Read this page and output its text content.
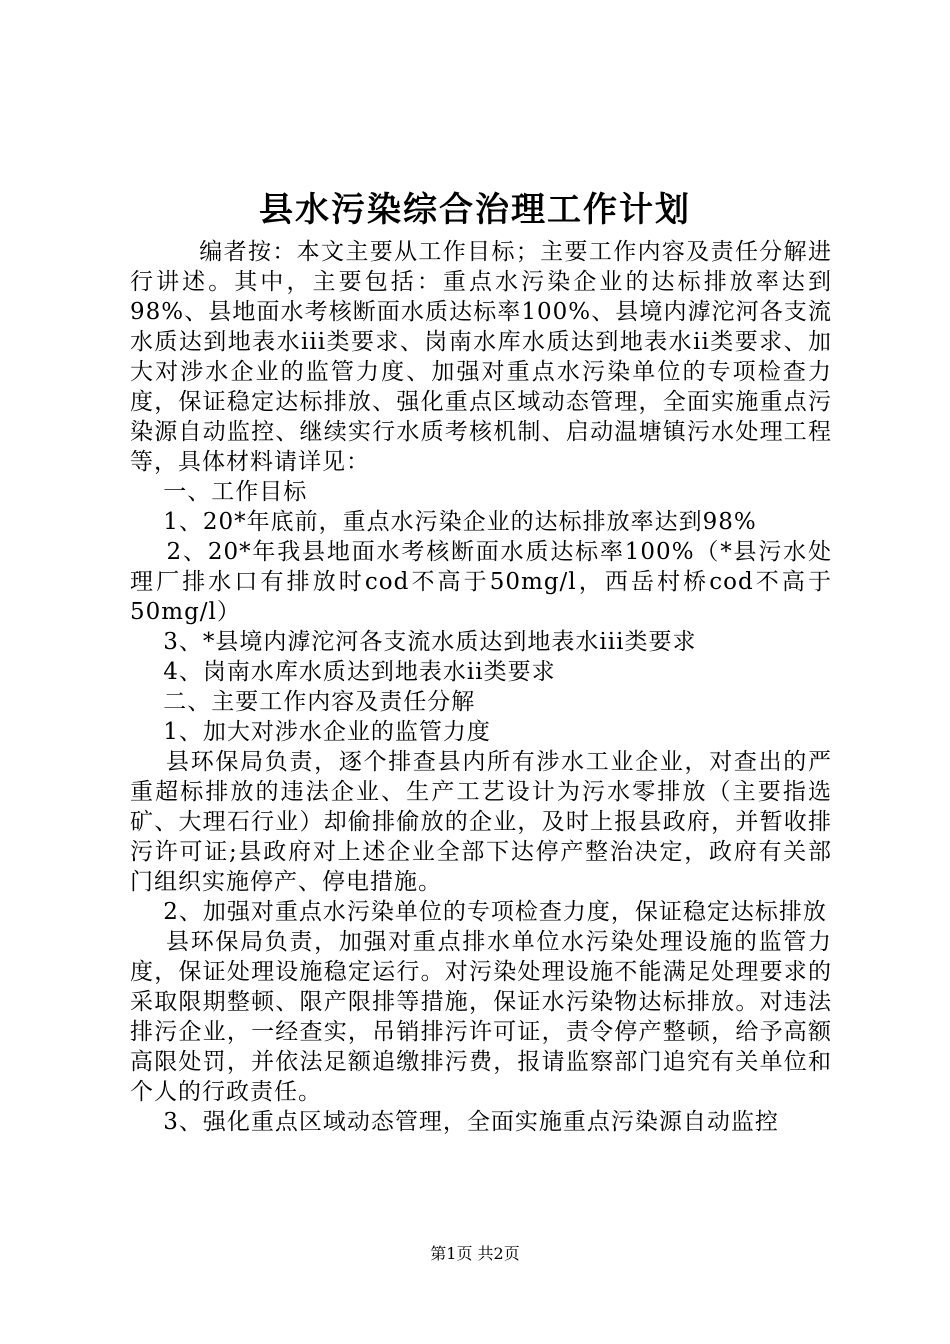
县水污染综合治理工作计划

编者按：本文主要从工作目标；主要工作内容及责任分解进行讲述。其中，主要包括：重点水污染企业的达标排放率达到98%、县地面水考核断面水质达标率100%、县境内滹沱河各支流水质达到地表水iii类要求、岗南水库水质达到地表水ii类要求、加大对涉水企业的监管力度、加强对重点水污染单位的专项检查力度，保证稳定达标排放、强化重点区域动态管理，全面实施重点污染源自动监控、继续实行水质考核机制、启动温塘镇污水处理工程等，具体材料请详见：

一、工作目标

1、20*年底前，重点水污染企业的达标排放率达到98%

2、20*年我县地面水考核断面水质达标率100%（*县污水处理厂排水口有排放时cod不高于50mg/l，西岳村桥cod不高于50mg/l）

3、*县境内滹沱河各支流水质达到地表水iii类要求

4、岗南水库水质达到地表水ii类要求

二、主要工作内容及责任分解

1、加大对涉水企业的监管力度

县环保局负责，逐个排查县内所有涉水工业企业，对查出的严重超标排放的违法企业、生产工艺设计为污水零排放（主要指选矿、大理石行业）却偷排偷放的企业，及时上报县政府，并暂收排污许可证;县政府对上述企业全部下达停产整治决定，政府有关部门组织实施停产、停电措施。

2、加强对重点水污染单位的专项检查力度，保证稳定达标排放

县环保局负责，加强对重点排水单位水污染处理设施的监管力度，保证处理设施稳定运行。对污染处理设施不能满足处理要求的采取限期整顿、限产限排等措施，保证水污染物达标排放。对违法排污企业，一经查实，吊销排污许可证，责令停产整顿，给予高额高限处罚，并依法足额追缴排污费，报请监察部门追究有关单位和个人的行政责任。

3、强化重点区域动态管理，全面实施重点污染源自动监控

第1页 共2页
